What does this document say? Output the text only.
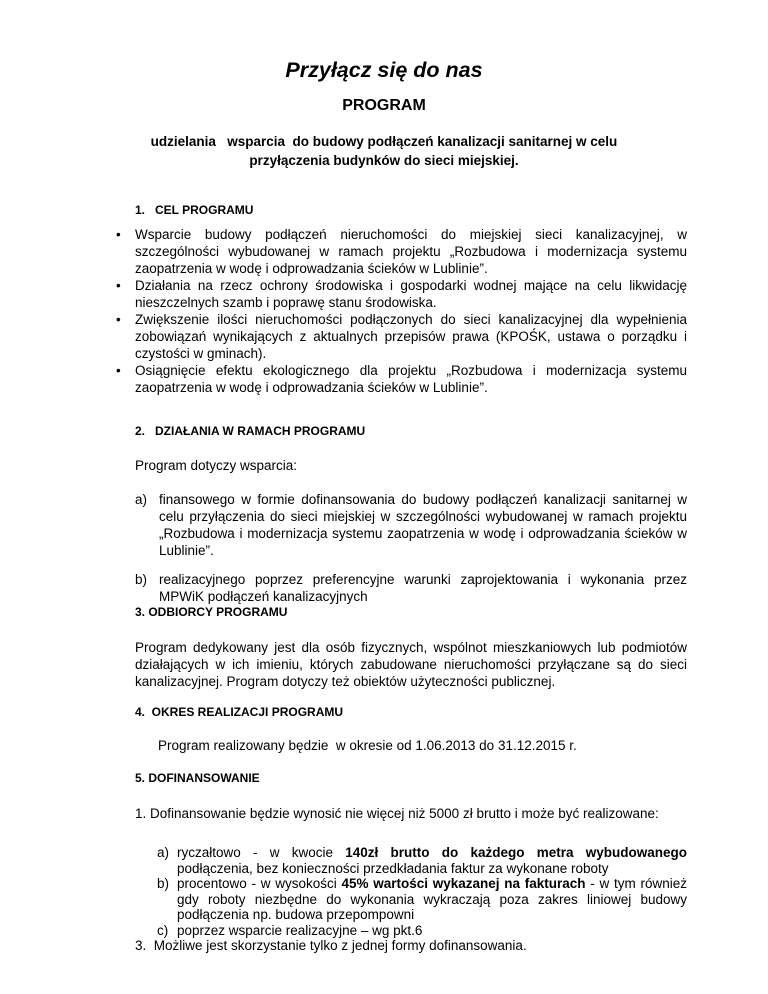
Przyłącz się do nas
PROGRAM
udzielania   wsparcia  do budowy podłączeń kanalizacji sanitarnej w celu
przyłączenia budynków do sieci miejskiej.
1.   CEL PROGRAMU
• Wsparcie budowy podłączeń nieruchomości do miejskiej sieci kanalizacyjnej, w szczególności wybudowanej w ramach projektu „Rozbudowa i modernizacja systemu zaopatrzenia w wodę i odprowadzania ścieków w Lublinie”.
• Działania na rzecz ochrony środowiska i gospodarki wodnej mające na celu likwidację nieszczelnych szamb i poprawę stanu środowiska.
• Zwiększenie ilości nieruchomości podłączonych do sieci kanalizacyjnej dla wypełnienia zobowiązań wynikających z aktualnych przepisów prawa (KPOŚK, ustawa o porządku i czystości w gminach).
• Osiągnięcie efektu ekologicznego dla projektu „Rozbudowa i modernizacja systemu zaopatrzenia w wodę i odprowadzania ścieków w Lublinie”.
2.   DZIAŁANIA W RAMACH PROGRAMU
Program dotyczy wsparcia:
a) finansowego w formie dofinansowania do budowy podłączeń kanalizacji sanitarnej w celu przyłączenia do sieci miejskiej w szczególności wybudowanej w ramach projektu „Rozbudowa i modernizacja systemu zaopatrzenia w wodę i odprowadzania ścieków w Lublinie”.
b) realizacyjnego poprzez preferencyjne warunki zaprojektowania i wykonania przez MPWiK podłączeń kanalizacyjnych
3. ODBIORCY PROGRAMU
Program dedykowany jest dla osób fizycznych, wspólnot mieszkaniowych lub podmiotów działających w ich imieniu, których zabudowane nieruchomości przyłączane są do sieci kanalizacyjnej. Program dotyczy też obiektów użyteczności publicznej.
4.  OKRES REALIZACJI PROGRAMU
Program realizowany będzie  w okresie od 1.06.2013 do 31.12.2015 r.
5. DOFINANSOWANIE
1. Dofinansowanie będzie wynosić nie więcej niż 5000 zł brutto i może być realizowane:
a) ryczałtowo - w kwocie 140zł brutto do każdego metra wybudowanego podłączenia, bez konieczności przedkładania faktur za wykonane roboty
b) procentowo - w wysokości 45% wartości wykazanej na fakturach - w tym również gdy roboty niezbędne do wykonania wykraczają poza zakres liniowej budowy podłączenia np. budowa przepompowni
c) poprzez wsparcie realizacyjne – wg pkt.6
3. Możliwe jest skorzystanie tylko z jednej formy dofinansowania.
